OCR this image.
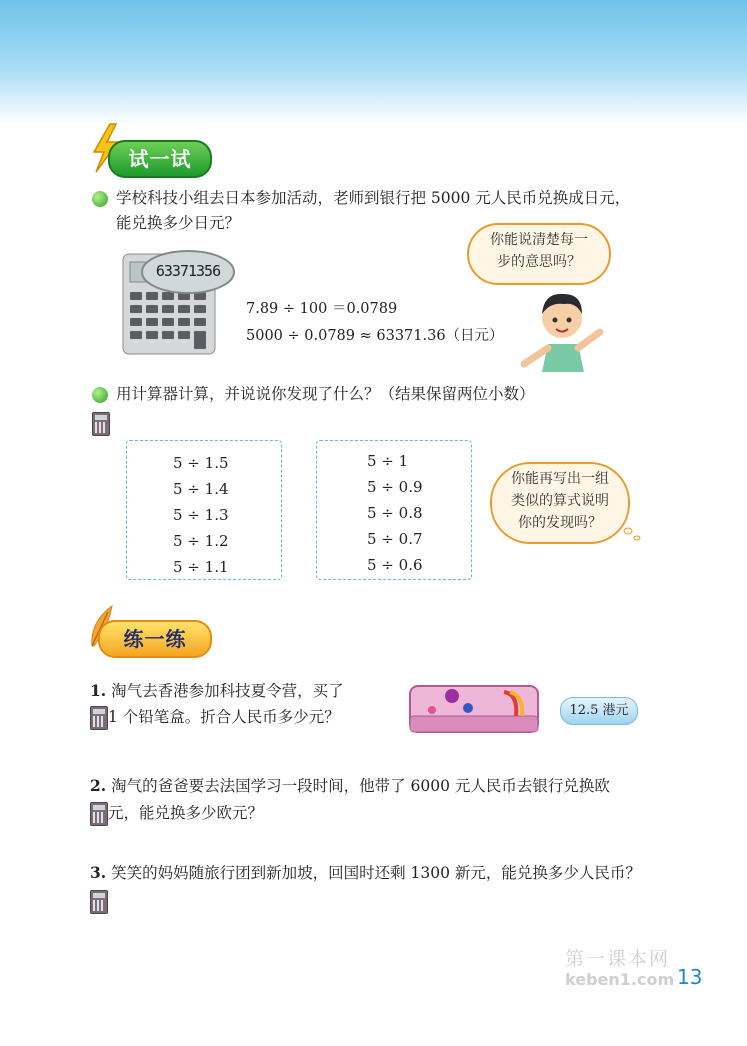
试一试
学校科技小组去日本参加活动，老师到银行把 5000 元人民币兑换成日元，
能兑换多少日元？
63371356
7.89 ÷ 100 ＝0.0789
5000 ÷ 0.0789 ≈ 63371.36（日元）
你能说清楚每一
步的意思吗？
用计算器计算，并说说你发现了什么？（结果保留两位小数）
5 ÷ 1.5
5 ÷ 1.4
5 ÷ 1.3
5 ÷ 1.2
5 ÷ 1.1
5 ÷ 1
5 ÷ 0.9
5 ÷ 0.8
5 ÷ 0.7
5 ÷ 0.6
你能再写出一组
类似的算式说明
你的发现吗？
练一练
1. 淘气去香港参加科技夏令营，买了
1 个铅笔盒。折合人民币多少元？	12.5 港元
2. 淘气的爸爸要去法国学习一段时间，他带了 6000 元人民币去银行兑换欧
元，能兑换多少欧元？
3. 笑笑的妈妈随旅行团到新加坡，回国时还剩 1300 新元，能兑换多少人民币？
第一课本网
keben1.com 13
